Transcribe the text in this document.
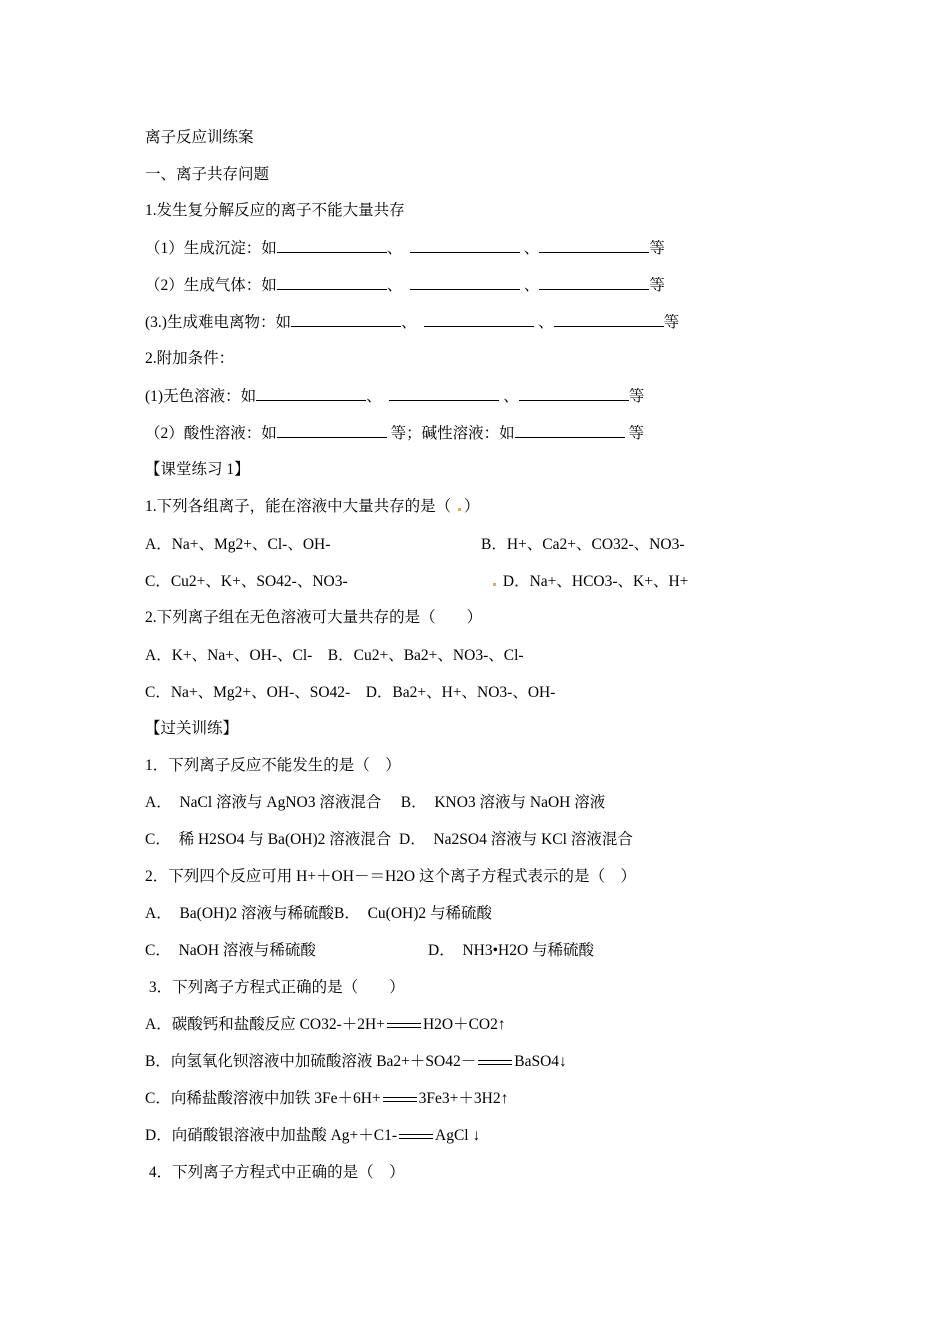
离子反应训练案
一、离子共存问题
1.发生复分解反应的离子不能大量共存
（1）生成沉淀：如	、	、	等
（2）生成气体：如	、	、	等
(3.)生成难电离物：如	、	、	等
2.附加条件：
(1)无色溶液：如	、	、	等
（2）酸性溶液：如	等；碱性溶液：如	等
【课堂练习 1】
1.下列各组离子，能在溶液中大量共存的是（ ）
A．Na+、Mg2+、Cl-、OH-	B．H+、Ca2+、CO32-、NO3-
C．Cu2+、K+、SO42-、NO3-	D．Na+、HCO3-、K+、H+
2.下列离子组在无色溶液可大量共存的是（　　）
A．K+、Na+、OH-、Cl-　B．Cu2+、Ba2+、NO3-、Cl-
C．Na+、Mg2+、OH-、SO42-　D．Ba2+、H+、NO3-、OH-
【过关训练】
1．下列离子反应不能发生的是（　）
A．  NaCl 溶液与 AgNO3 溶液混合　 B．  KNO3 溶液与 NaOH 溶液
C．  稀 H2SO4 与 Ba(OH)2 溶液混合  D．  Na2SO4 溶液与 KCl 溶液混合
2．下列四个反应可用 H+＋OH－＝H2O 这个离子方程式表示的是（　）
A．  Ba(OH)2 溶液与稀硫酸B．  Cu(OH)2 与稀硫酸
C．  NaOH 溶液与稀硫酸	D．  NH3•H2O 与稀硫酸
3．下列离子方程式正确的是（　　）
A．碳酸钙和盐酸反应 CO32-＋2H+ H2O＋CO2↑
B．向氢氧化钡溶液中加硫酸溶液 Ba2+＋SO42－ BaSO4↓
C．向稀盐酸溶液中加铁 3Fe＋6H+ 3Fe3+＋3H2↑
D．向硝酸银溶液中加盐酸 Ag+＋C1- AgCl ↓
4．下列离子方程式中正确的是（　）
